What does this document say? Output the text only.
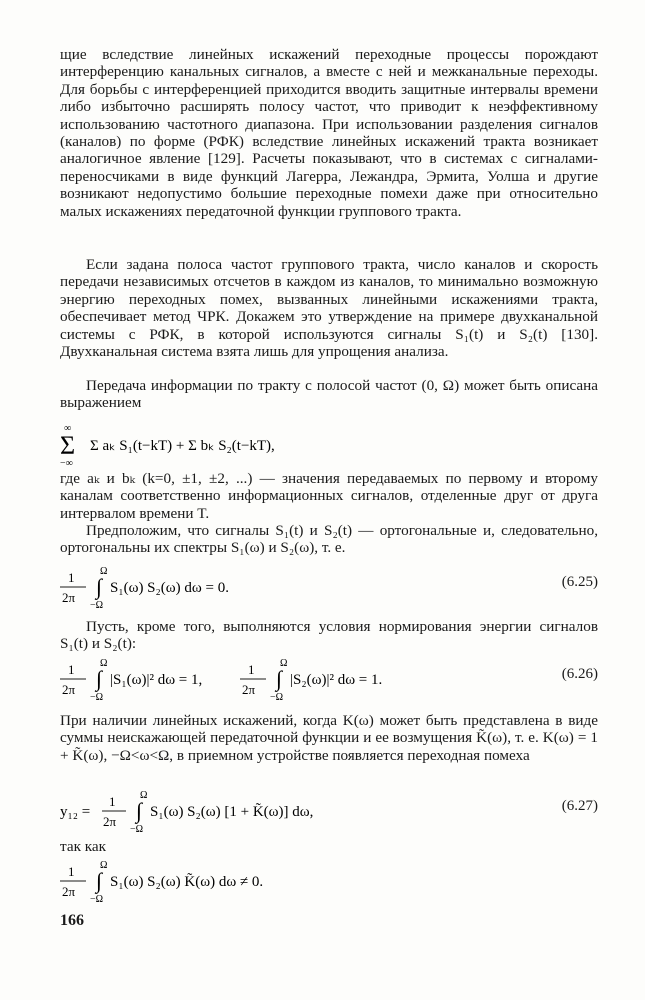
щие вследствие линейных искажений переходные процессы порождают интерференцию канальных сигналов, а вместе с ней и межканальные переходы. Для борьбы с интерференцией приходится вводить защитные интервалы времени либо избыточно расширять полосу частот, что приводит к неэффективному использованию частотного диапазона. При использовании разделения сигналов (каналов) по форме (РФК) вследствие линейных искажений тракта возникает аналогичное явление [129]. Расчеты показывают, что в системах с сигналами-переносчиками в виде функций Лагерра, Лежандра, Эрмита, Уолша и другие возникают недопустимо большие переходные помехи даже при относительно малых искажениях передаточной функции группового тракта.

Если задана полоса частот группового тракта, число каналов и скорость передачи независимых отсчетов в каждом из каналов, то минимально возможную энергию переходных помех, вызванных линейными искажениями тракта, обеспечивает метод ЧРК. Докажем это утверждение на примере двухканальной системы с РФК, в которой используются сигналы S₁(t) и S₂(t) [130]. Двухканальная система взята лишь для упрощения анализа.

Передача информации по тракту с полосой частот (0, Ω) может быть описана выражением

∞
Σ
−∞
Σ aₖ S₁(t−kT) + Σ bₖ S₂(t−kT),

где aₖ и bₖ (k=0, ±1, ±2, ...) — значения передаваемых по первому и второму каналам соответственно информационных сигналов, отделенные друг от друга интервалом времени T.

Предположим, что сигналы S₁(t) и S₂(t) — ортогональные и, следовательно, ортогональны их спектры S₁(ω) и S₂(ω), т. е.

1
2π
Ω
∫
−Ω
S₁(ω) S₂(ω) dω = 0.	(6.25)

Пусть, кроме того, выполняются условия нормирования энергии сигналов S₁(t) и S₂(t):

1
2π
Ω
∫
−Ω
|S₁(ω)|² dω = 1,
1
2π
Ω
∫
−Ω
|S₂(ω)|² dω = 1.	(6.26)

При наличии линейных искажений, когда K(ω) может быть представлена в виде суммы неискажающей передаточной функции и ее возмущения K̃(ω), т. е. K(ω) = 1 + K̃(ω), −Ω<ω<Ω, в приемном устройстве появляется переходная помеха

y₁₂ =
1
2π
Ω
∫
−Ω
S₁(ω) S₂(ω) [1 + K̃(ω)] dω,	(6.27)

так как

1
2π
Ω
∫
−Ω
S₁(ω) S₂(ω) K̃(ω) dω ≠ 0.
166
